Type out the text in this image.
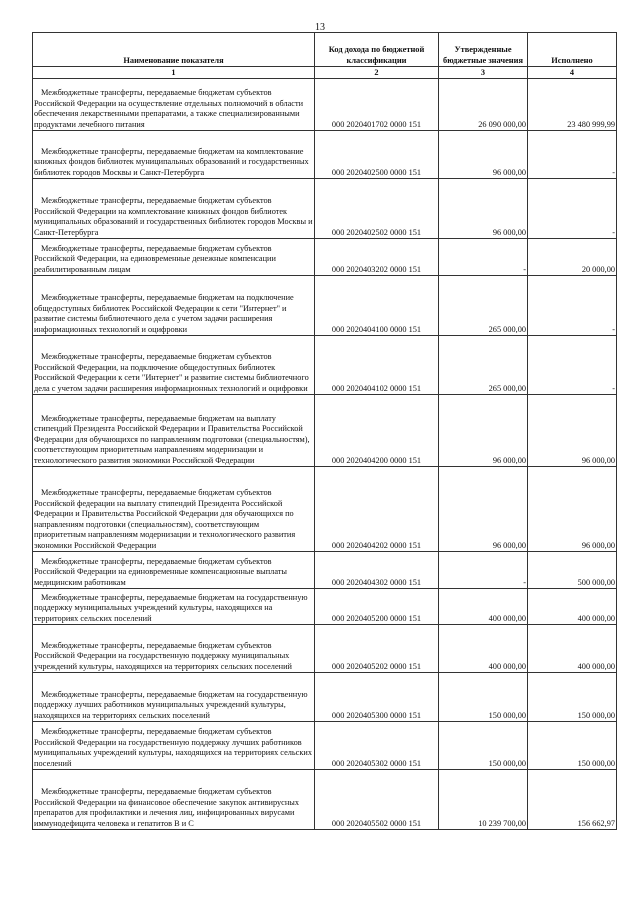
13
Наименование показателя	Код дохода по бюджетной классификации	Утвержденные бюджетные значения	Исполнено
1	2	3	4
Межбюджетные трансферты, передаваемые бюджетам субъектов Российской Федерации на осуществление отдельных полномочий в области обеспечения лекарственными препаратами, а также специализированными продуктами лечебного питания	000 2020401702 0000 151	26 090 000,00	23 480 999,99
Межбюджетные трансферты, передаваемые бюджетам на комплектование книжных фондов библиотек муниципальных образований и государственных библиотек городов Москвы и Санкт-Петербурга	000 2020402500 0000 151	96 000,00	-
Межбюджетные трансферты, передаваемые бюджетам субъектов Российской Федерации на комплектование книжных фондов библиотек муниципальных образований и государственных библиотек городов Москвы и Санкт-Петербурга	000 2020402502 0000 151	96 000,00	-
Межбюджетные трансферты, передаваемые бюджетам субъектов Российской Федерации, на единовременные денежные компенсации реабилитированным лицам	000 2020403202 0000 151	-	20 000,00
Межбюджетные трансферты, передаваемые бюджетам на подключение общедоступных библиотек Российской Федерации к сети "Интернет" и развитие системы библиотечного дела с учетом задачи расширения информационных технологий и оцифровки	000 2020404100 0000 151	265 000,00	-
Межбюджетные трансферты, передаваемые бюджетам субъектов Российской Федерации, на подключение общедоступных библиотек Российской Федерации к сети "Интернет" и развитие системы библиотечного дела с учетом задачи расширения информационных технологий и оцифровки	000 2020404102 0000 151	265 000,00	-
Межбюджетные трансферты, передаваемые бюджетам на выплату стипендий Президента Российской Федерации и Правительства Российской Федерации для обучающихся по направлениям подготовки (специальностям), соответствующим приоритетным направлениям модернизации и технологического развития экономики Российской Федерации	000 2020404200 0000 151	96 000,00	96 000,00
Межбюджетные трансферты, передаваемые бюджетам субъектов Российской федерации на выплату стипендий Президента Российской Федерации и Правительства Российской Федерации для обучающихся по направлениям подготовки (специальностям), соответствующим приоритетным направлениям модернизации и технологического развития экономики Российской Федерации	000 2020404202 0000 151	96 000,00	96 000,00
Межбюджетные трансферты, передаваемые бюджетам субъектов Российской Федерации на единовременные компенсационные выплаты медицинским работникам	000 2020404302 0000 151	-	500 000,00
Межбюджетные трансферты, передаваемые бюджетам на государственную поддержку муниципальных учреждений культуры, находящихся на территориях сельских поселений	000 2020405200 0000 151	400 000,00	400 000,00
Межбюджетные трансферты, передаваемые бюджетам субъектов Российской Федерации на государственную поддержку муниципальных учреждений культуры, находящихся на территориях сельских поселений	000 2020405202 0000 151	400 000,00	400 000,00
Межбюджетные трансферты, передаваемые бюджетам на государственную поддержку лучших работников муниципальных учреждений культуры, находящихся на территориях сельских поселений	000 2020405300 0000 151	150 000,00	150 000,00
Межбюджетные трансферты, передаваемые бюджетам субъектов Российской Федерации на государственную поддержку лучших работников муниципальных учреждений культуры, находящихся на территориях сельских поселений	000 2020405302 0000 151	150 000,00	150 000,00
Межбюджетные трансферты, передаваемые бюджетам субъектов Российской Федерации на финансовое обеспечение закупок антивирусных препаратов для профилактики и лечения лиц, инфицированных вирусами иммунодефицита человека и гепатитов В и С	000 2020405502 0000 151	10 239 700,00	156 662,97
